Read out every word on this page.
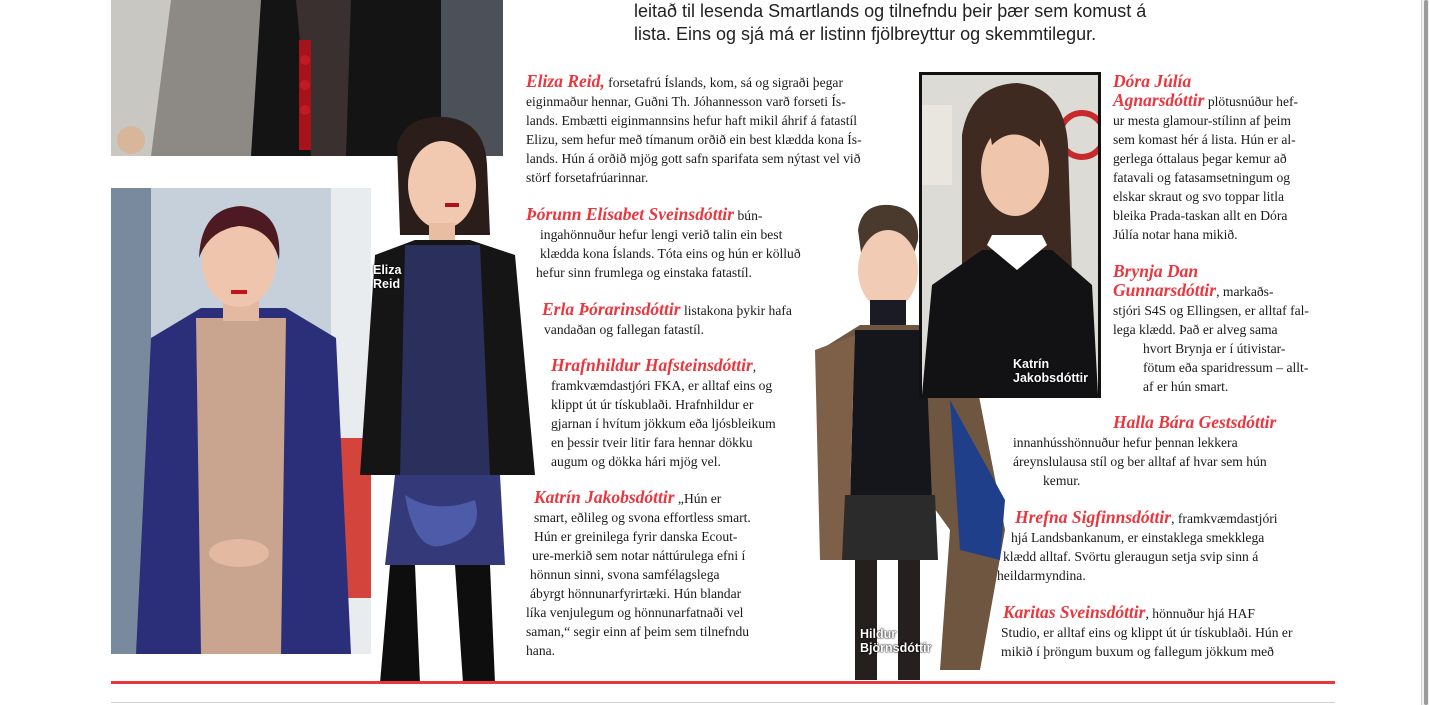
Eliza
Reid
Katrín
Jakobsdóttir
Hildur
Björnsdóttir
leitað til lesenda Smartlands og tilnefndu þeir þær sem komust á
lista. Eins og sjá má er listinn fjölbreyttur og skemmtilegur.
Eliza Reid, forsetafrú Íslands, kom, sá og sigraði þegar
eiginmaður hennar, Guðni Th. Jóhannesson varð forseti Ís-
lands. Embætti eiginmannsins hefur haft mikil áhrif á fatastíl
Elizu, sem hefur með tímanum orðið ein best klædda kona Ís-
lands. Hún á orðið mjög gott safn sparifata sem nýtast vel við
störf forsetafrúarinnar.
Þórunn Elísabet Sveinsdóttir bún-
ingahönnuður hefur lengi verið talin ein best
klædda kona Íslands. Tóta eins og hún er kölluð
hefur sinn frumlega og einstaka fatastíl.
Erla Þórarinsdóttir listakona þykir hafa
vandaðan og fallegan fatastíl.
Hrafnhildur Hafsteinsdóttir,
framkvæmdastjóri FKA, er alltaf eins og
klippt út úr tískublaði. Hrafnhildur er
gjarnan í hvítum jökkum eða ljósbleikum
en þessir tveir litir fara hennar dökku
augum og dökka hári mjög vel.
Katrín Jakobsdóttir „Hún er
smart, eðlileg og svona effortless smart.
Hún er greinilega fyrir danska Ecout-
ure-merkið sem notar náttúrulega efni í
hönnun sinni, svona samfélagslega
ábyrgt hönnunarfyrirtæki. Hún blandar
líka venjulegum og hönnunarfatnaði vel
saman,“ segir einn af þeim sem tilnefndu
hana.
Dóra Júlía
Agnarsdóttir plötusnúður hef-
ur mesta glamour-stílinn af þeim
sem komast hér á lista. Hún er al-
gerlega óttalaus þegar kemur að
fatavali og fatasamsetningum og
elskar skraut og svo toppar litla
bleika Prada-taskan allt en Dóra
Júlía notar hana mikið.
Brynja Dan
Gunnarsdóttir, markaðs-
stjóri S4S og Ellingsen, er alltaf fal-
lega klædd. Það er alveg sama
hvort Brynja er í útivistar-
fötum eða sparidressum – allt-
af er hún smart.
Halla Bára Gestsdóttir
innanhússhönnuður hefur þennan lekkera
áreynslulausa stíl og ber alltaf af hvar sem hún
kemur.
Hrefna Sigfinnsdóttir, framkvæmdastjóri
hjá Landsbankanum, er einstaklega smekklega
klædd alltaf. Svörtu gleraugun setja svip sinn á
heildarmyndina.
Karitas Sveinsdóttir, hönnuður hjá HAF
Studio, er alltaf eins og klippt út úr tískublaði. Hún er
mikið í þröngum buxum og fallegum jökkum með
